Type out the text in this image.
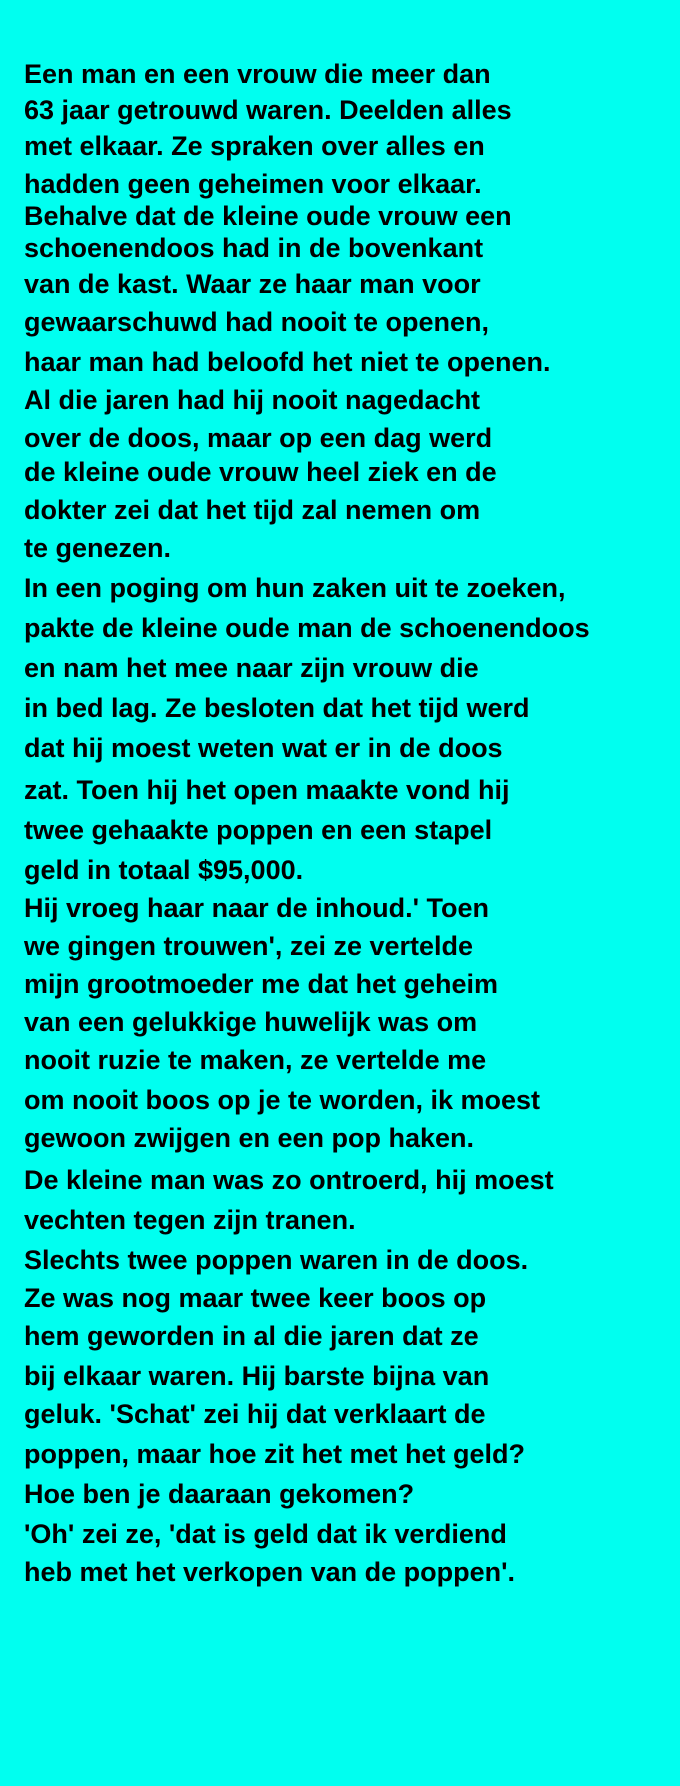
Een man en een vrouw die meer dan
63 jaar getrouwd waren. Deelden alles
met elkaar. Ze spraken over alles en
hadden geen geheimen voor elkaar.
Behalve dat de kleine oude vrouw een
schoenendoos had in de bovenkant
van de kast. Waar ze haar man voor
gewaarschuwd had nooit te openen,
haar man had beloofd het niet te openen.
Al die jaren had hij nooit nagedacht
over de doos, maar op een dag werd
de kleine oude vrouw heel ziek en de
dokter zei dat het tijd zal nemen om
te genezen.
In een poging om hun zaken uit te zoeken,
pakte de kleine oude man de schoenendoos
en nam het mee naar zijn vrouw die
in bed lag. Ze besloten dat het tijd werd
dat hij moest weten wat er in de doos
zat. Toen hij het open maakte vond hij
twee gehaakte poppen en een stapel
geld in totaal $95,000.
Hij vroeg haar naar de inhoud.' Toen
we gingen trouwen', zei ze vertelde
mijn grootmoeder me dat het geheim
van een gelukkige huwelijk was om
nooit ruzie te maken, ze vertelde me
om nooit boos op je te worden, ik moest
gewoon zwijgen en een pop haken.
De kleine man was zo ontroerd, hij moest
vechten tegen zijn tranen.
Slechts twee poppen waren in de doos.
Ze was nog maar twee keer boos op
hem geworden in al die jaren dat ze
bij elkaar waren. Hij barste bijna van
geluk. 'Schat' zei hij dat verklaart de
poppen, maar hoe zit het met het geld?
Hoe ben je daaraan gekomen?
'Oh' zei ze, 'dat is geld dat ik verdiend
heb met het verkopen van de poppen'.
